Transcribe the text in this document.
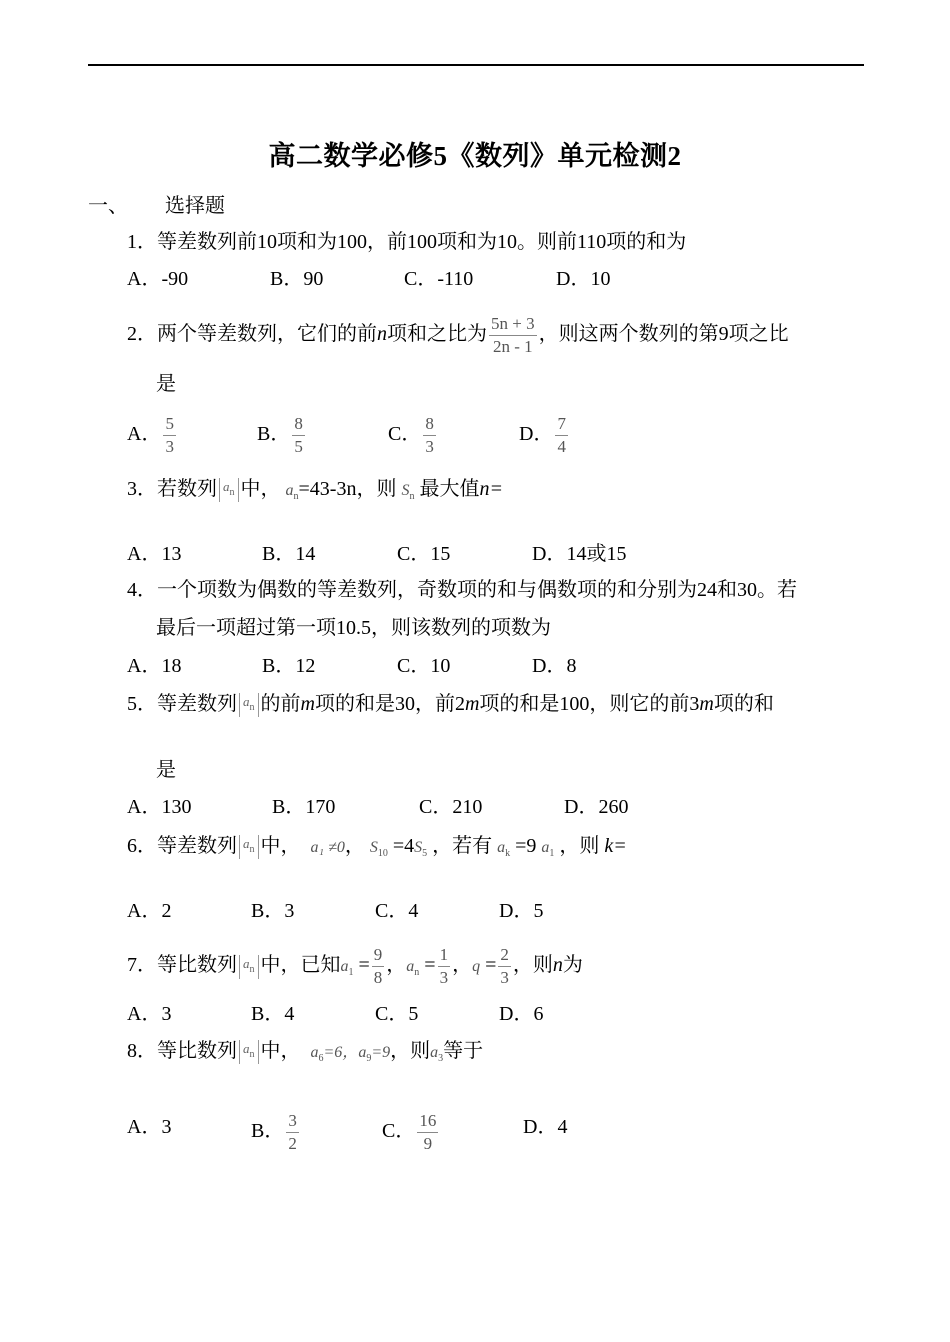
高二数学必修5《数列》单元检测2
一、 选择题
1．等差数列前10项和为100，前100项和为10。则前110项的和为
A．-90	B．90	C．-110	D．10
2．两个等差数列，它们的前n项和之比为 $\frac{5n + 3}{2n - 1}$ ，则这两个数列的第9项之比
是
A． $\frac{5}{3}$	B． $\frac{8}{5}$	C． $\frac{8}{3}$	D． $\frac{7}{4}$
3．若数列 $a_n$ 中， $a_n=43-3n$，则 $S_n$ 最大值n=
A．13	B．14	C．15	D．14或15
4．一个项数为偶数的等差数列，奇数项的和与偶数项的和分别为24和30。若
最后一项超过第一项10.5，则该数列的项数为
A．18	B．12	C．10	D．8
5．等差数列 $a_n$ 的前m项的和是30，前2m项的和是100，则它的前3m项的和
是
A．130	B．170	C．210	D．260
6．等差数列 $a_n$ 中， a₁ ≠0， $S_{10} =4S_5$ ，若有 $a_k =9$ $a_1$ ，则 k=
A．2	B．3	C．4	D．5
7．等比数列 $a_n$ 中，已知$a_1 = \frac{9}{8}$ ，$a_n = \frac{1}{3}$ ，$q = \frac{2}{3}$ ，则n为
A．3	B．4	C．5	D．6
8．等比数列 $a_n$ 中， $a_6=6$，$a_9=9$，则$a_3$等于
A．3	B． $\frac{3}{2}$	C． $\frac{16}{9}$	D．4
